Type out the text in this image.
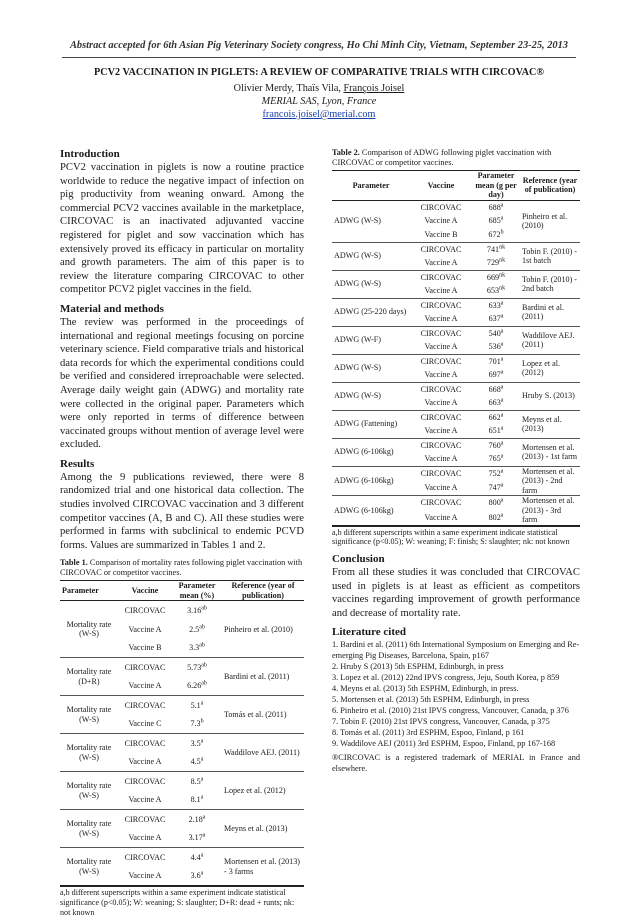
Abstract accepted for 6th Asian Pig Veterinary Society congress, Ho Chi Minh City, Vietnam, September 23-25, 2013
PCV2 VACCINATION IN PIGLETS: A REVIEW OF COMPARATIVE TRIALS WITH CIRCOVAC®
Olivier Merdy, Thaïs Vila, François Joisel
MERIAL SAS, Lyon, France
francois.joisel@merial.com
Introduction

PCV2 vaccination in piglets is now a routine practice worldwide to reduce the negative impact of infection on pig productivity from weaning onward. Among the commercial PCV2 vaccines available in the marketplace, CIRCOVAC is an inactivated adjuvanted vaccine registered for piglet and sow vaccination which has extensively proved its efficacy in particular on mortality and growth parameters. The aim of this paper is to review the literature comparing CIRCOVAC to other competitor PCV2 piglet vaccines in the field.

Material and methods

The review was performed in the proceedings of international and regional meetings focusing on porcine veterinary science. Field comparative trials and historical data records for which the experimental conditions could be verified and considered irreproachable were selected. Average daily weight gain (ADWG) and mortality rate were collected in the original paper. Parameters which were only reported in terms of difference between vaccinated groups without mention of average level were excluded.

Results

Among the 9 publications reviewed, there were 8 randomized trial and one historical data collection. The studies involved CIRCOVAC vaccination and 3 different competitor vaccines (A, B and C). All these studies were performed in farms with subclinical to endemic PCVD forms. Values are summarized in Tables 1 and 2.

Table 1. Comparison of mortality rates following piglet vaccination with CIRCOVAC or competitor vaccines.
Parameter	Vaccine	Parameter mean (%)	Reference (year of publication)
Mortality rate (W-S)	CIRCOVAC	3.16$^{ab}$	Pinheiro et al. (2010)
	Vaccine A	2.5$^{ab}$
	Vaccine B	3.3$^{ab}$
Mortality rate (D+R)	CIRCOVAC	5.73$^{ab}$	Bardini et al. (2011)
	Vaccine A	6.26$^{ab}$
Mortality rate (W-S)	CIRCOVAC	5.1$^a$	Tomás et al. (2011)
	Vaccine C	7.3$^b$
Mortality rate (W-S)	CIRCOVAC	3.5$^a$	Waddilove AEJ. (2011)
	Vaccine A	4.5$^a$
Mortality rate (W-S)	CIRCOVAC	8.5$^a$	Lopez et al. (2012)
	Vaccine A	8.1$^a$
Mortality rate (W-S)	CIRCOVAC	2.18$^a$	Meyns et al. (2013)
	Vaccine A	3.17$^a$
Mortality rate (W-S)	CIRCOVAC	4.4$^a$	Mortensen et al. (2013) - 3 farms
	Vaccine A	3.6$^a$
a,b different superscripts within a same experiment indicate statistical significance (p<0.05); W: weaning; S: slaughter; D+R: dead + runts; nk: not known
Table 2. Comparison of ADWG following piglet vaccination with CIRCOVAC or competitor vaccines.
Parameter	Vaccine	Parameter mean (g per day)	Reference (year of publication)
ADWG (W-S)	CIRCOVAC	688$^a$	Pinheiro et al. (2010)
	Vaccine A	685$^a$
	Vaccine B	672$^b$
ADWG (W-S)	CIRCOVAC	$741^{nk}$	Tobin F. (2010) - 1st batch
	Vaccine A	$729^{nk}$
ADWG (W-S)	CIRCOVAC	$669^{nk}$	Tobin F. (2010) - 2nd batch
	Vaccine A	$653^{nk}$
ADWG (25-220 days)	CIRCOVAC	633$^a$	Bardini et al. (2011)
	Vaccine A	637$^a$
ADWG (W-F)	CIRCOVAC	540$^a$	Waddilove AEJ. (2011)
	Vaccine A	536$^a$
ADWG (W-S)	CIRCOVAC	701$^a$	Lopez et al. (2012)
	Vaccine A	697$^a$
ADWG (W-S)	CIRCOVAC	668$^a$	Hruby S. (2013)
	Vaccine A	663$^a$
ADWG (Fattening)	CIRCOVAC	662$^a$	Meyns et al. (2013)
	Vaccine A	651$^a$
ADWG (6-106kg)	CIRCOVAC	760$^a$	Mortensen et al. (2013) - 1st farm
	Vaccine A	765$^a$
ADWG (6-106kg)	CIRCOVAC	752$^a$	Mortensen et al. (2013) - 2nd farm
	Vaccine A	747$^a$
ADWG (6-106kg)	CIRCOVAC	800$^a$	Mortensen et al. (2013) - 3rd farm
	Vaccine A	802$^a$
a,b different superscripts within a same experiment indicate statistical significance (p<0.05); W: weaning; F: finish; S: slaughter; nk: not known
Conclusion

From all these studies it was concluded that CIRCOVAC used in piglets is at least as efficient as competitors vaccines regarding improvement of growth performance and decrease of mortality rate.

Literature cited
1. Bardini et al. (2011) 6th International Symposium on Emerging and Re-emerging Pig Diseases, Barcelona, Spain, p167
2. Hruby S (2013) 5th ESPHM, Edinburgh, in press
3. Lopez et al. (2012) 22nd IPVS congress, Jeju, South Korea, p 859
4. Meyns et al. (2013) 5th ESPHM, Edinburgh, in press.
5. Mortensen et al. (2013) 5th ESPHM, Edinburgh, in press
6. Pinheiro et al. (2010) 21st IPVS congress, Vancouver, Canada, p 376
7. Tobin F. (2010) 21st IPVS congress, Vancouver, Canada, p 375
8. Tomás et al. (2011) 3rd ESPHM, Espoo, Finland, p 161
9. Waddilove AEJ (2011) 3rd ESPHM, Espoo, Finland, pp 167-168
®CIRCOVAC is a registered trademark of MERIAL in France and elsewhere.
